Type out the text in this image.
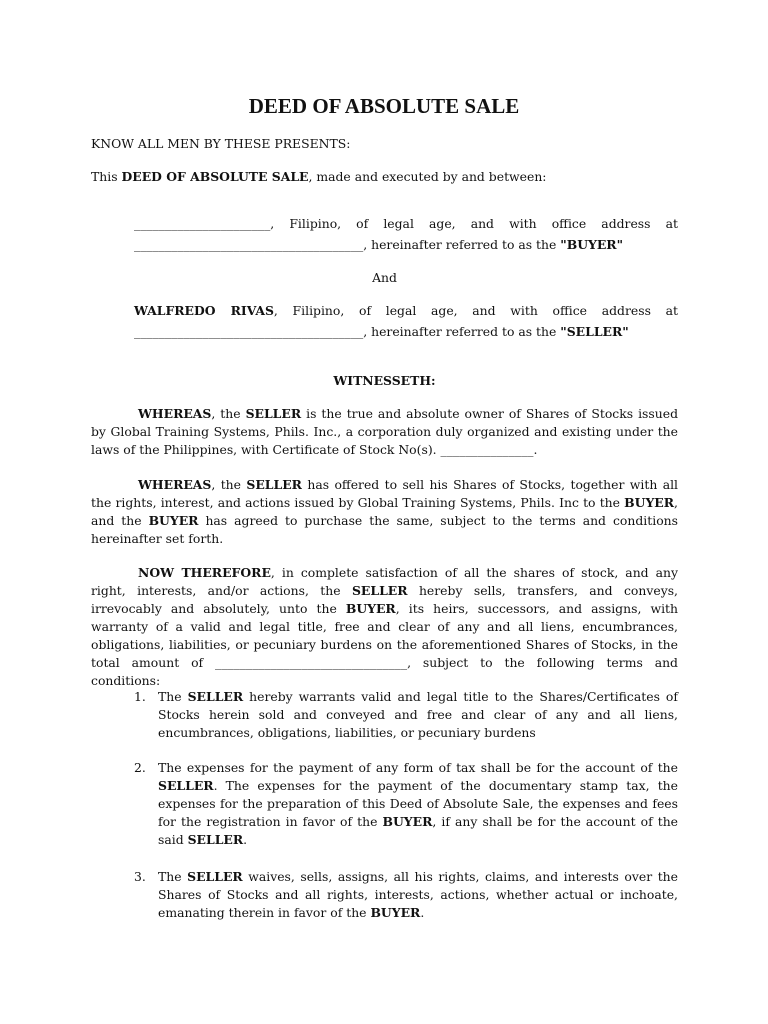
DEED OF ABSOLUTE SALE
KNOW ALL MEN BY THESE PRESENTS:
This DEED OF ABSOLUTE SALE, made and executed by and between:
______________________, Filipino, of legal age, and with office address at
_____________________________________, hereinafter referred to as the "BUYER"
And
WALFREDO RIVAS, Filipino, of legal age, and with office address at
_____________________________________, hereinafter referred to as the "SELLER"
WITNESSETH:
WHEREAS, the SELLER is the true and absolute owner of Shares of Stocks issued by Global Training Systems, Phils. Inc., a corporation duly organized and existing under the laws of the Philippines, with Certificate of Stock No(s). _______________.
WHEREAS, the SELLER has offered to sell his Shares of Stocks, together with all the rights, interest, and actions issued by Global Training Systems, Phils. Inc to the BUYER, and the BUYER has agreed to purchase the same, subject to the terms and conditions hereinafter set forth.
NOW THEREFORE, in complete satisfaction of all the shares of stock, and any right, interests, and/or actions, the SELLER hereby sells, transfers, and conveys, irrevocably and absolutely, unto the BUYER, its heirs, successors, and assigns, with warranty of a valid and legal title, free and clear of any and all liens, encumbrances, obligations, liabilities, or pecuniary burdens on the aforementioned Shares of Stocks, in the total amount of _______________________________, subject to the following terms and conditions:
1. The SELLER hereby warrants valid and legal title to the Shares/Certificates of Stocks herein sold and conveyed and free and clear of any and all liens, encumbrances, obligations, liabilities, or pecuniary burdens
2. The expenses for the payment of any form of tax shall be for the account of the SELLER. The expenses for the payment of the documentary stamp tax, the expenses for the preparation of this Deed of Absolute Sale, the expenses and fees for the registration in favor of the BUYER, if any shall be for the account of the said SELLER.
3. The SELLER waives, sells, assigns, all his rights, claims, and interests over the Shares of Stocks and all rights, interests, actions, whether actual or inchoate, emanating therein in favor of the BUYER.
